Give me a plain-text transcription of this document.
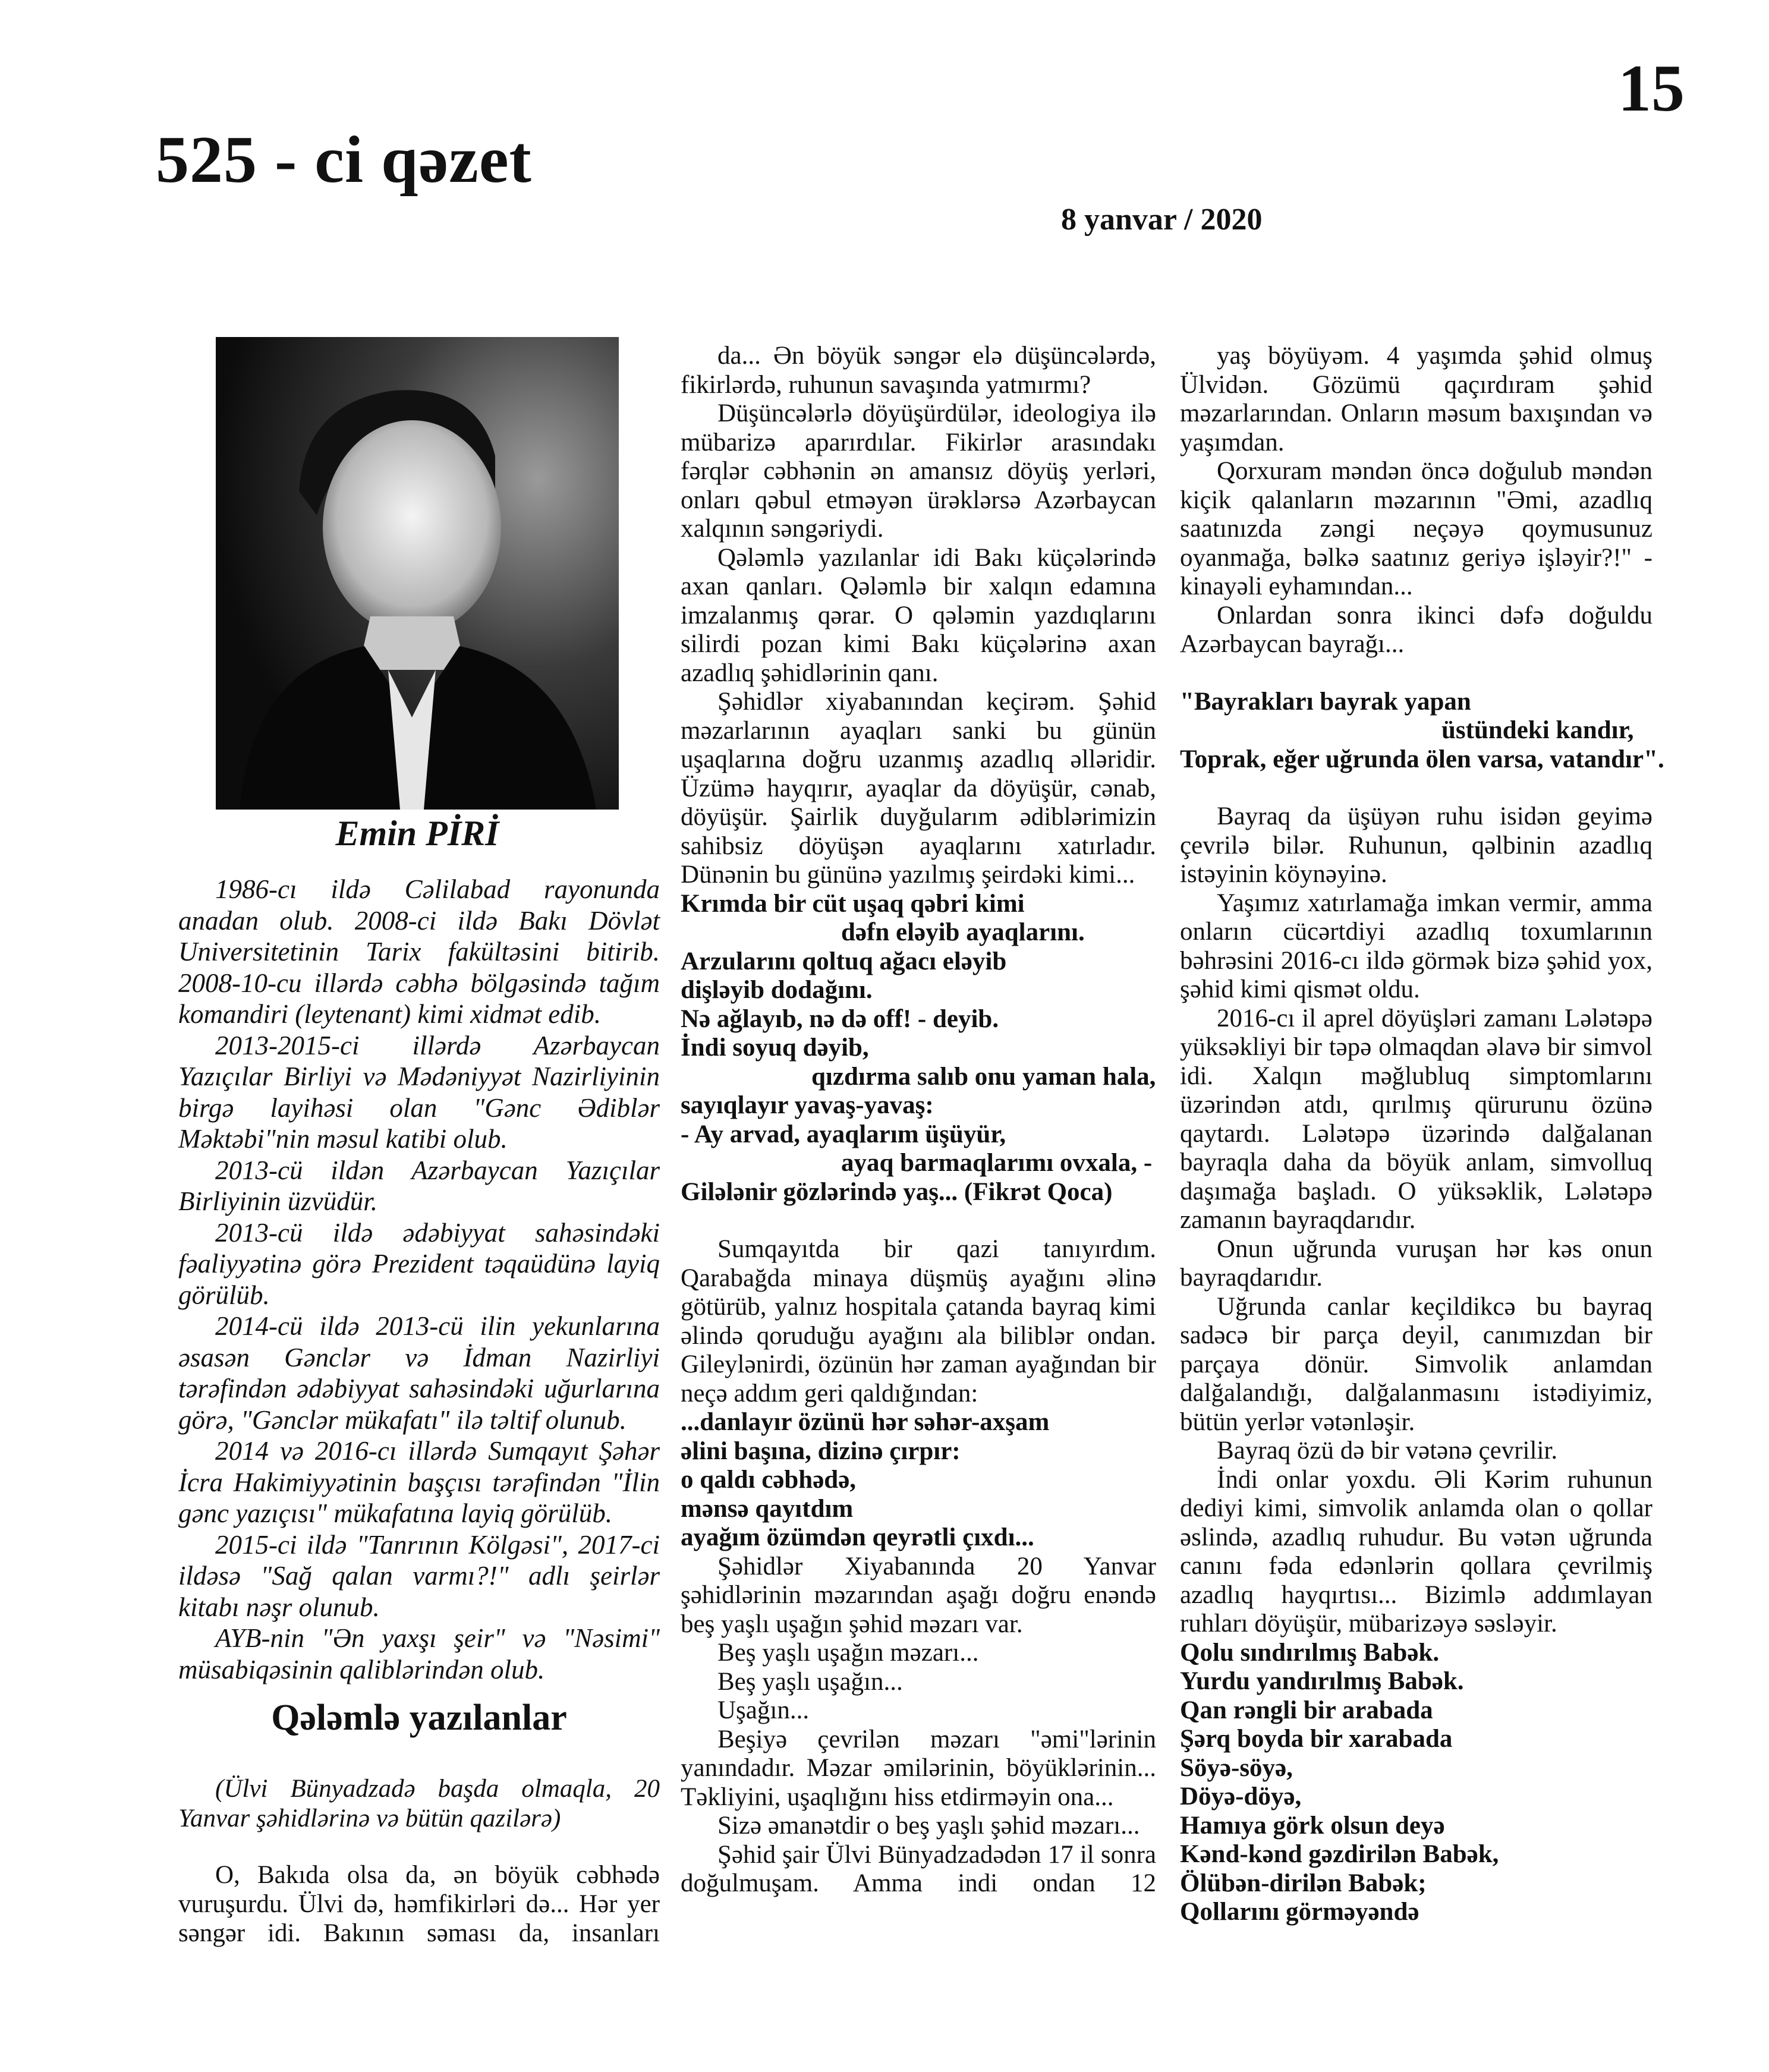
525 - ci qəzet
15
8 yanvar / 2020
Emin PİRİ

1986-cı ildə Cəlilabad rayonunda anadan olub. 2008-ci ildə Bakı Dövlət Universitetinin Tarix fakültəsini bitirib. 2008-10-cu illərdə cəbhə bölgəsində tağım komandiri (leytenant) kimi xidmət edib.

2013-2015-ci illərdə Azərbaycan Yazıçılar Birliyi və Mədəniyyət Nazirliyinin birgə layihəsi olan "Gənc Ədiblər Məktəbi"nin məsul katibi olub.

2013-cü ildən Azərbaycan Yazıçılar Birliyinin üzvüdür.

2013-cü ildə ədəbiyyat sahəsindəki fəaliyyətinə görə Prezident təqaüdünə layiq görülüb.

2014-cü ildə 2013-cü ilin yekunlarına əsasən Gənclər və İdman Nazirliyi tərəfindən ədəbiyyat sahəsindəki uğurlarına görə, "Gənclər mükafatı" ilə təltif olunub.

2014 və 2016-cı illərdə Sumqayıt Şəhər İcra Hakimiyyətinin başçısı tərəfindən "İlin gənc yazıçısı" mükafatına layiq görülüb.

2015-ci ildə "Tanrının Kölgəsi", 2017-ci ildəsə "Sağ qalan varmı?!" adlı şeirlər kitabı nəşr olunub.

AYB-nin "Ən yaxşı şeir" və "Nəsimi" müsabiqəsinin qaliblərindən olub.

Qələmlə yazılanlar
(Ülvi Bünyadzadə başda olmaqla, 20 Yanvar şəhidlərinə və bütün qazilərə)

O, Bakıda olsa da, ən böyük cəbhədə vuruşurdu. Ülvi də, həmfikirləri də... Hər yer səngər idi. Bakının səması da, insanları

da... Ən böyük səngər elə düşüncələrdə, fikirlərdə, ruhunun savaşında yatmırmı?

Düşüncələrlə döyüşürdülər, ideologiya ilə mübarizə aparırdılar. Fikirlər arasındakı fərqlər cəbhənin ən amansız döyüş yerləri, onları qəbul etməyən ürəklərsə Azərbaycan xalqının səngəriydi.

Qələmlə yazılanlar idi Bakı küçələrində axan qanları. Qələmlə bir xalqın edamına imzalanmış qərar. O qələmin yazdıqlarını silirdi pozan kimi Bakı küçələrinə axan azadlıq şəhidlərinin qanı.

Şəhidlər xiyabanından keçirəm. Şəhid məzarlarının ayaqları sanki bu günün uşaqlarına doğru uzanmış azadlıq əlləridir. Üzümə hayqırır, ayaqlar da döyüşür, cənab, döyüşür. Şairlik duyğularım ədiblərimizin sahibsiz döyüşən ayaqlarını xatırladır. Dünənin bu gününə yazılmış şeirdəki kimi...

Krımda bir cüt uşaq qəbri kimi

dəfn eləyib ayaqlarını.

Arzularını qoltuq ağacı eləyib

dişləyib dodağını.

Nə ağlayıb, nə də off! - deyib.

İndi soyuq dəyib,

qızdırma salıb onu yaman hala,

sayıqlayır yavaş-yavaş:

- Ay arvad, ayaqlarım üşüyür,

ayaq barmaqlarımı ovxala, -

Gilələnir gözlərində yaş... (Fikrət Qoca)

Sumqayıtda bir qazi tanıyırdım. Qarabağda minaya düşmüş ayağını əlinə götürüb, yalnız hospitala çatanda bayraq kimi əlində qoruduğu ayağını ala biliblər ondan. Gileylənirdi, özünün hər zaman ayağından bir neçə addım geri qaldığından:

...danlayır özünü hər səhər-axşam

əlini başına, dizinə çırpır:

o qaldı cəbhədə,

mənsə qayıtdım

ayağım özümdən qeyrətli çıxdı...

Şəhidlər Xiyabanında 20 Yanvar şəhidlərinin məzarından aşağı doğru enəndə beş yaşlı uşağın şəhid məzarı var.

Beş yaşlı uşağın məzarı...

Beş yaşlı uşağın...

Uşağın...

Beşiyə çevrilən məzarı "əmi"lərinin yanındadır. Məzar əmilərinin, böyüklərinin... Təkliyini, uşaqlığını hiss etdirməyin ona...

Sizə əmanətdir o beş yaşlı şəhid məzarı...

Şəhid şair Ülvi Bünyadzadədən 17 il sonra doğulmuşam. Amma indi ondan 12

yaş böyüyəm. 4 yaşımda şəhid olmuş Ülvidən. Gözümü qaçırdıram şəhid məzarlarından. Onların məsum baxışından və yaşımdan.

Qorxuram məndən öncə doğulub məndən kiçik qalanların məzarının "Əmi, azadlıq saatınızda zəngi neçəyə qoymusunuz oyanmağa, bəlkə saatınız geriyə işləyir?!" - kinayəli eyhamından...

Onlardan sonra ikinci dəfə doğuldu Azərbaycan bayrağı...

"Bayrakları bayrak yapan

üstündeki kandır,

Toprak, eğer uğrunda ölen varsa, vatandır".

Bayraq da üşüyən ruhu isidən geyimə çevrilə bilər. Ruhunun, qəlbinin azadlıq istəyinin köynəyinə.

Yaşımız xatırlamağa imkan vermir, amma onların cücərtdiyi azadlıq toxumlarının bəhrəsini 2016-cı ildə görmək bizə şəhid yox, şəhid kimi qismət oldu.

2016-cı il aprel döyüşləri zamanı Lələtəpə yüksəkliyi bir təpə olmaqdan əlavə bir simvol idi. Xalqın məğlubluq simptomlarını üzərindən atdı, qırılmış qürurunu özünə qaytardı. Lələtəpə üzərində dalğalanan bayraqla daha da böyük anlam, simvolluq daşımağa başladı. O yüksəklik, Lələtəpə zamanın bayraqdarıdır.

Onun uğrunda vuruşan hər kəs onun bayraqdarıdır.

Uğrunda canlar keçildikcə bu bayraq sadəcə bir parça deyil, canımızdan bir parçaya dönür. Simvolik anlamdan dalğalandığı, dalğalanmasını istədiyimiz, bütün yerlər vətənləşir.

Bayraq özü də bir vətənə çevrilir.

İndi onlar yoxdu. Əli Kərim ruhunun dediyi kimi, simvolik anlamda olan o qollar əslində, azadlıq ruhudur. Bu vətən uğrunda canını fəda edənlərin qollara çevrilmiş azadlıq hayqırtısı... Bizimlə addımlayan ruhları döyüşür, mübarizəyə səsləyir.

Qolu sındırılmış Babək.

Yurdu yandırılmış Babək.

Qan rəngli bir arabada

Şərq boyda bir xarabada

Söyə-söyə,

Döyə-döyə,

Hamıya görk olsun deyə

Kənd-kənd gəzdirilən Babək,

Ölübən-dirilən Babək;

Qollarını görməyəndə
